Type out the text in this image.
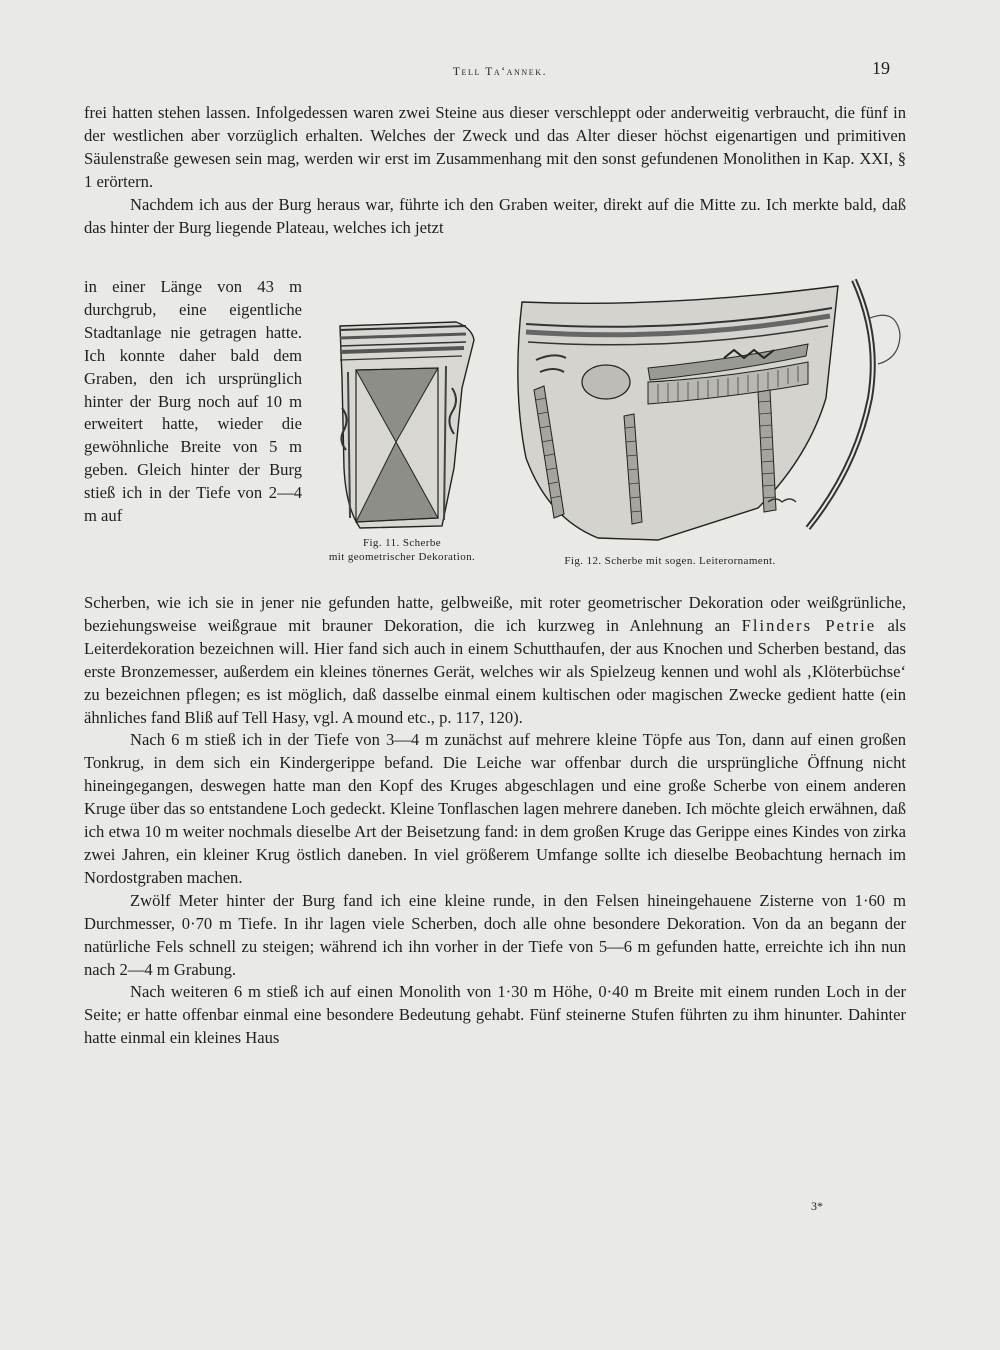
Tell Ta‘annek.	19

frei hatten stehen lassen. Infolgedessen waren zwei Steine aus dieser verschleppt oder anderweitig verbraucht, die fünf in der westlichen aber vorzüglich erhalten. Welches der Zweck und das Alter dieser höchst eigenartigen und primitiven Säulenstraße gewesen sein mag, werden wir erst im Zusammenhang mit den sonst gefundenen Monolithen in Kap. XXI, § 1 erörtern.

Nachdem ich aus der Burg heraus war, führte ich den Graben weiter, direkt auf die Mitte zu. Ich merkte bald, daß das hinter der Burg liegende Plateau, welches ich jetzt

in einer Länge von 43 m durchgrub, eine eigentliche Stadtanlage nie getragen hatte. Ich konnte daher bald dem Graben, den ich ursprünglich hinter der Burg noch auf 10 m erweitert hatte, wieder die gewöhnliche Breite von 5 m geben. Gleich hinter der Burg stieß ich in der Tiefe von 2—4 m auf

Fig. 11. Scherbe
mit geometrischer Dekoration.	Fig. 12. Scherbe mit sogen. Leiterornament.

Scherben, wie ich sie in jener nie gefunden hatte, gelbweiße, mit roter geometrischer Dekoration oder weißgrünliche, beziehungsweise weißgraue mit brauner Dekoration, die ich kurzweg in Anlehnung an Flinders Petrie als Leiterdekoration bezeichnen will. Hier fand sich auch in einem Schutthaufen, der aus Knochen und Scherben bestand, das erste Bronzemesser, außerdem ein kleines tönernes Gerät, welches wir als Spielzeug kennen und wohl als ‚Klöterbüchse‘ zu bezeichnen pflegen; es ist möglich, daß dasselbe einmal einem kultischen oder magischen Zwecke gedient hatte (ein ähnliches fand Bliß auf Tell Hasy, vgl. A mound etc., p. 117, 120).

Nach 6 m stieß ich in der Tiefe von 3—4 m zunächst auf mehrere kleine Töpfe aus Ton, dann auf einen großen Tonkrug, in dem sich ein Kindergerippe befand. Die Leiche war offenbar durch die ursprüngliche Öffnung nicht hineingegangen, deswegen hatte man den Kopf des Kruges abgeschlagen und eine große Scherbe von einem anderen Kruge über das so entstandene Loch gedeckt. Kleine Tonflaschen lagen mehrere daneben. Ich möchte gleich erwähnen, daß ich etwa 10 m weiter nochmals dieselbe Art der Beisetzung fand: in dem großen Kruge das Gerippe eines Kindes von zirka zwei Jahren, ein kleiner Krug östlich daneben. In viel größerem Umfange sollte ich dieselbe Beobachtung hernach im Nordostgraben machen.

Zwölf Meter hinter der Burg fand ich eine kleine runde, in den Felsen hineingehauene Zisterne von 1·60 m Durchmesser, 0·70 m Tiefe. In ihr lagen viele Scherben, doch alle ohne besondere Dekoration. Von da an begann der natürliche Fels schnell zu steigen; während ich ihn vorher in der Tiefe von 5—6 m gefunden hatte, erreichte ich ihn nun nach 2—4 m Grabung.

Nach weiteren 6 m stieß ich auf einen Monolith von 1·30 m Höhe, 0·40 m Breite mit einem runden Loch in der Seite; er hatte offenbar einmal eine besondere Bedeutung gehabt. Fünf steinerne Stufen führten zu ihm hinunter. Dahinter hatte einmal ein kleines Haus

3*
